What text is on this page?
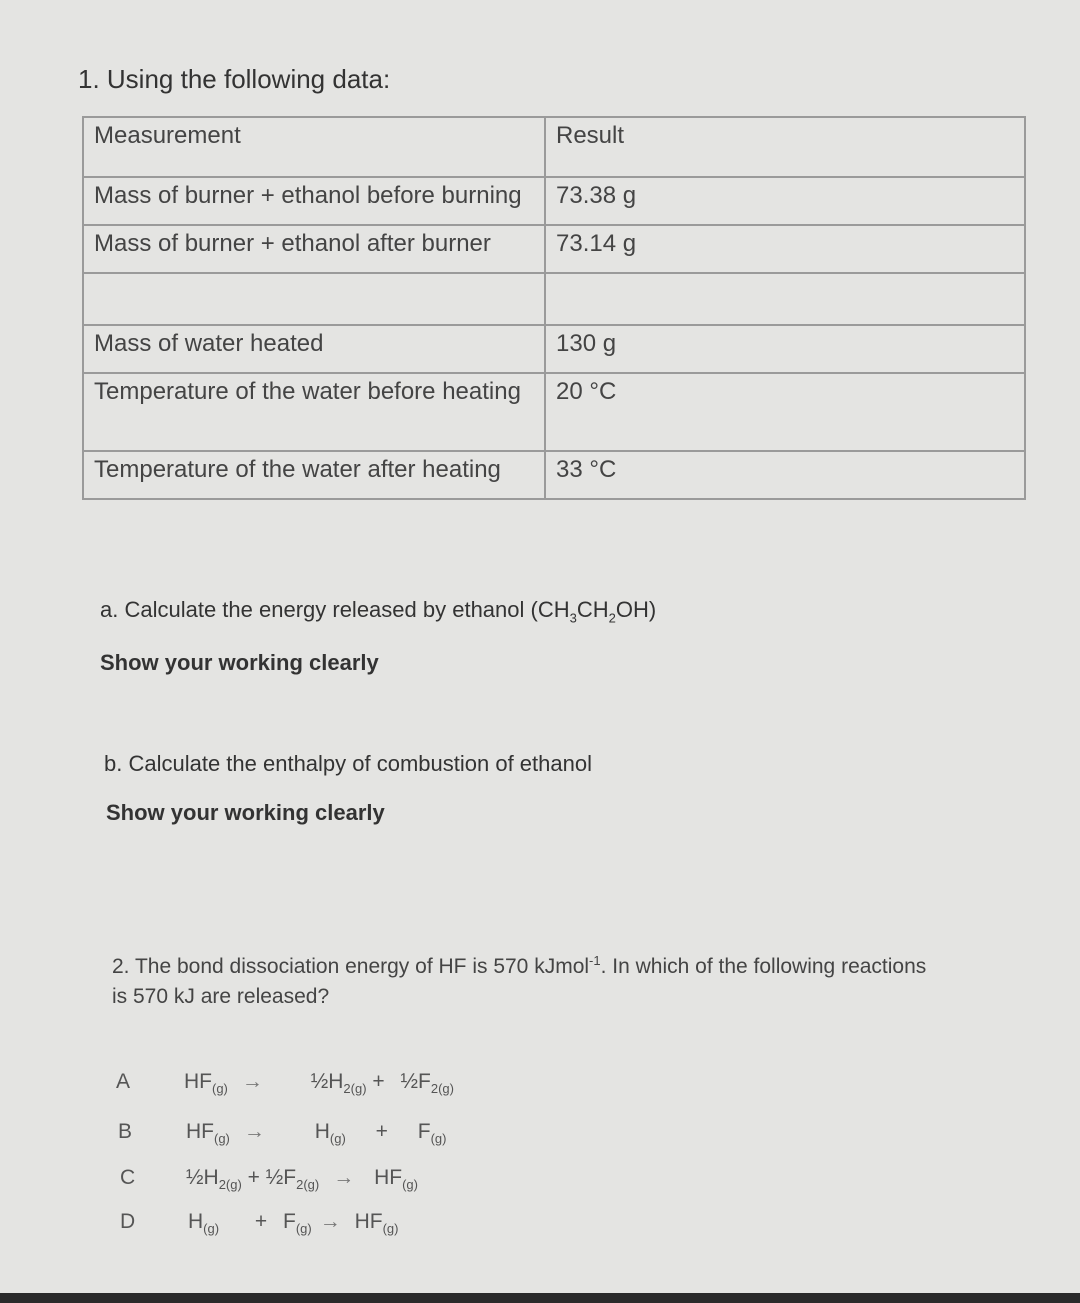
1. Using the following data:
Measurement	Result
Mass of burner + ethanol before burning	73.38 g
Mass of burner + ethanol after burner	73.14 g

Mass of water heated	130 g
Temperature of the water before heating	20 °C
Temperature of the water after heating	33 °C
a. Calculate the energy released by ethanol $(CH_3CH_2OH)$
Show your working clearly
b. Calculate the enthalpy of combustion of ethanol
Show your working clearly
2. The bond dissociation energy of HF is 570 kJmol$^{-1}$. In which of the following reactions is 570 kJ are released?
A	$HF_{(g)}$ → $\frac{1}{2}H_{2(g)}$ + $\frac{1}{2}F_{2(g)}$
B	$HF_{(g)} \to H_{(g)} + F_{(g)}$
C $\frac{1}{2}H_{2(g)}$ + $\frac{1}{2}F_{2(g)} \to HF_{(g)}$
D	$H_{(g)} + F_{(g)} \to HF_{(g)}$
